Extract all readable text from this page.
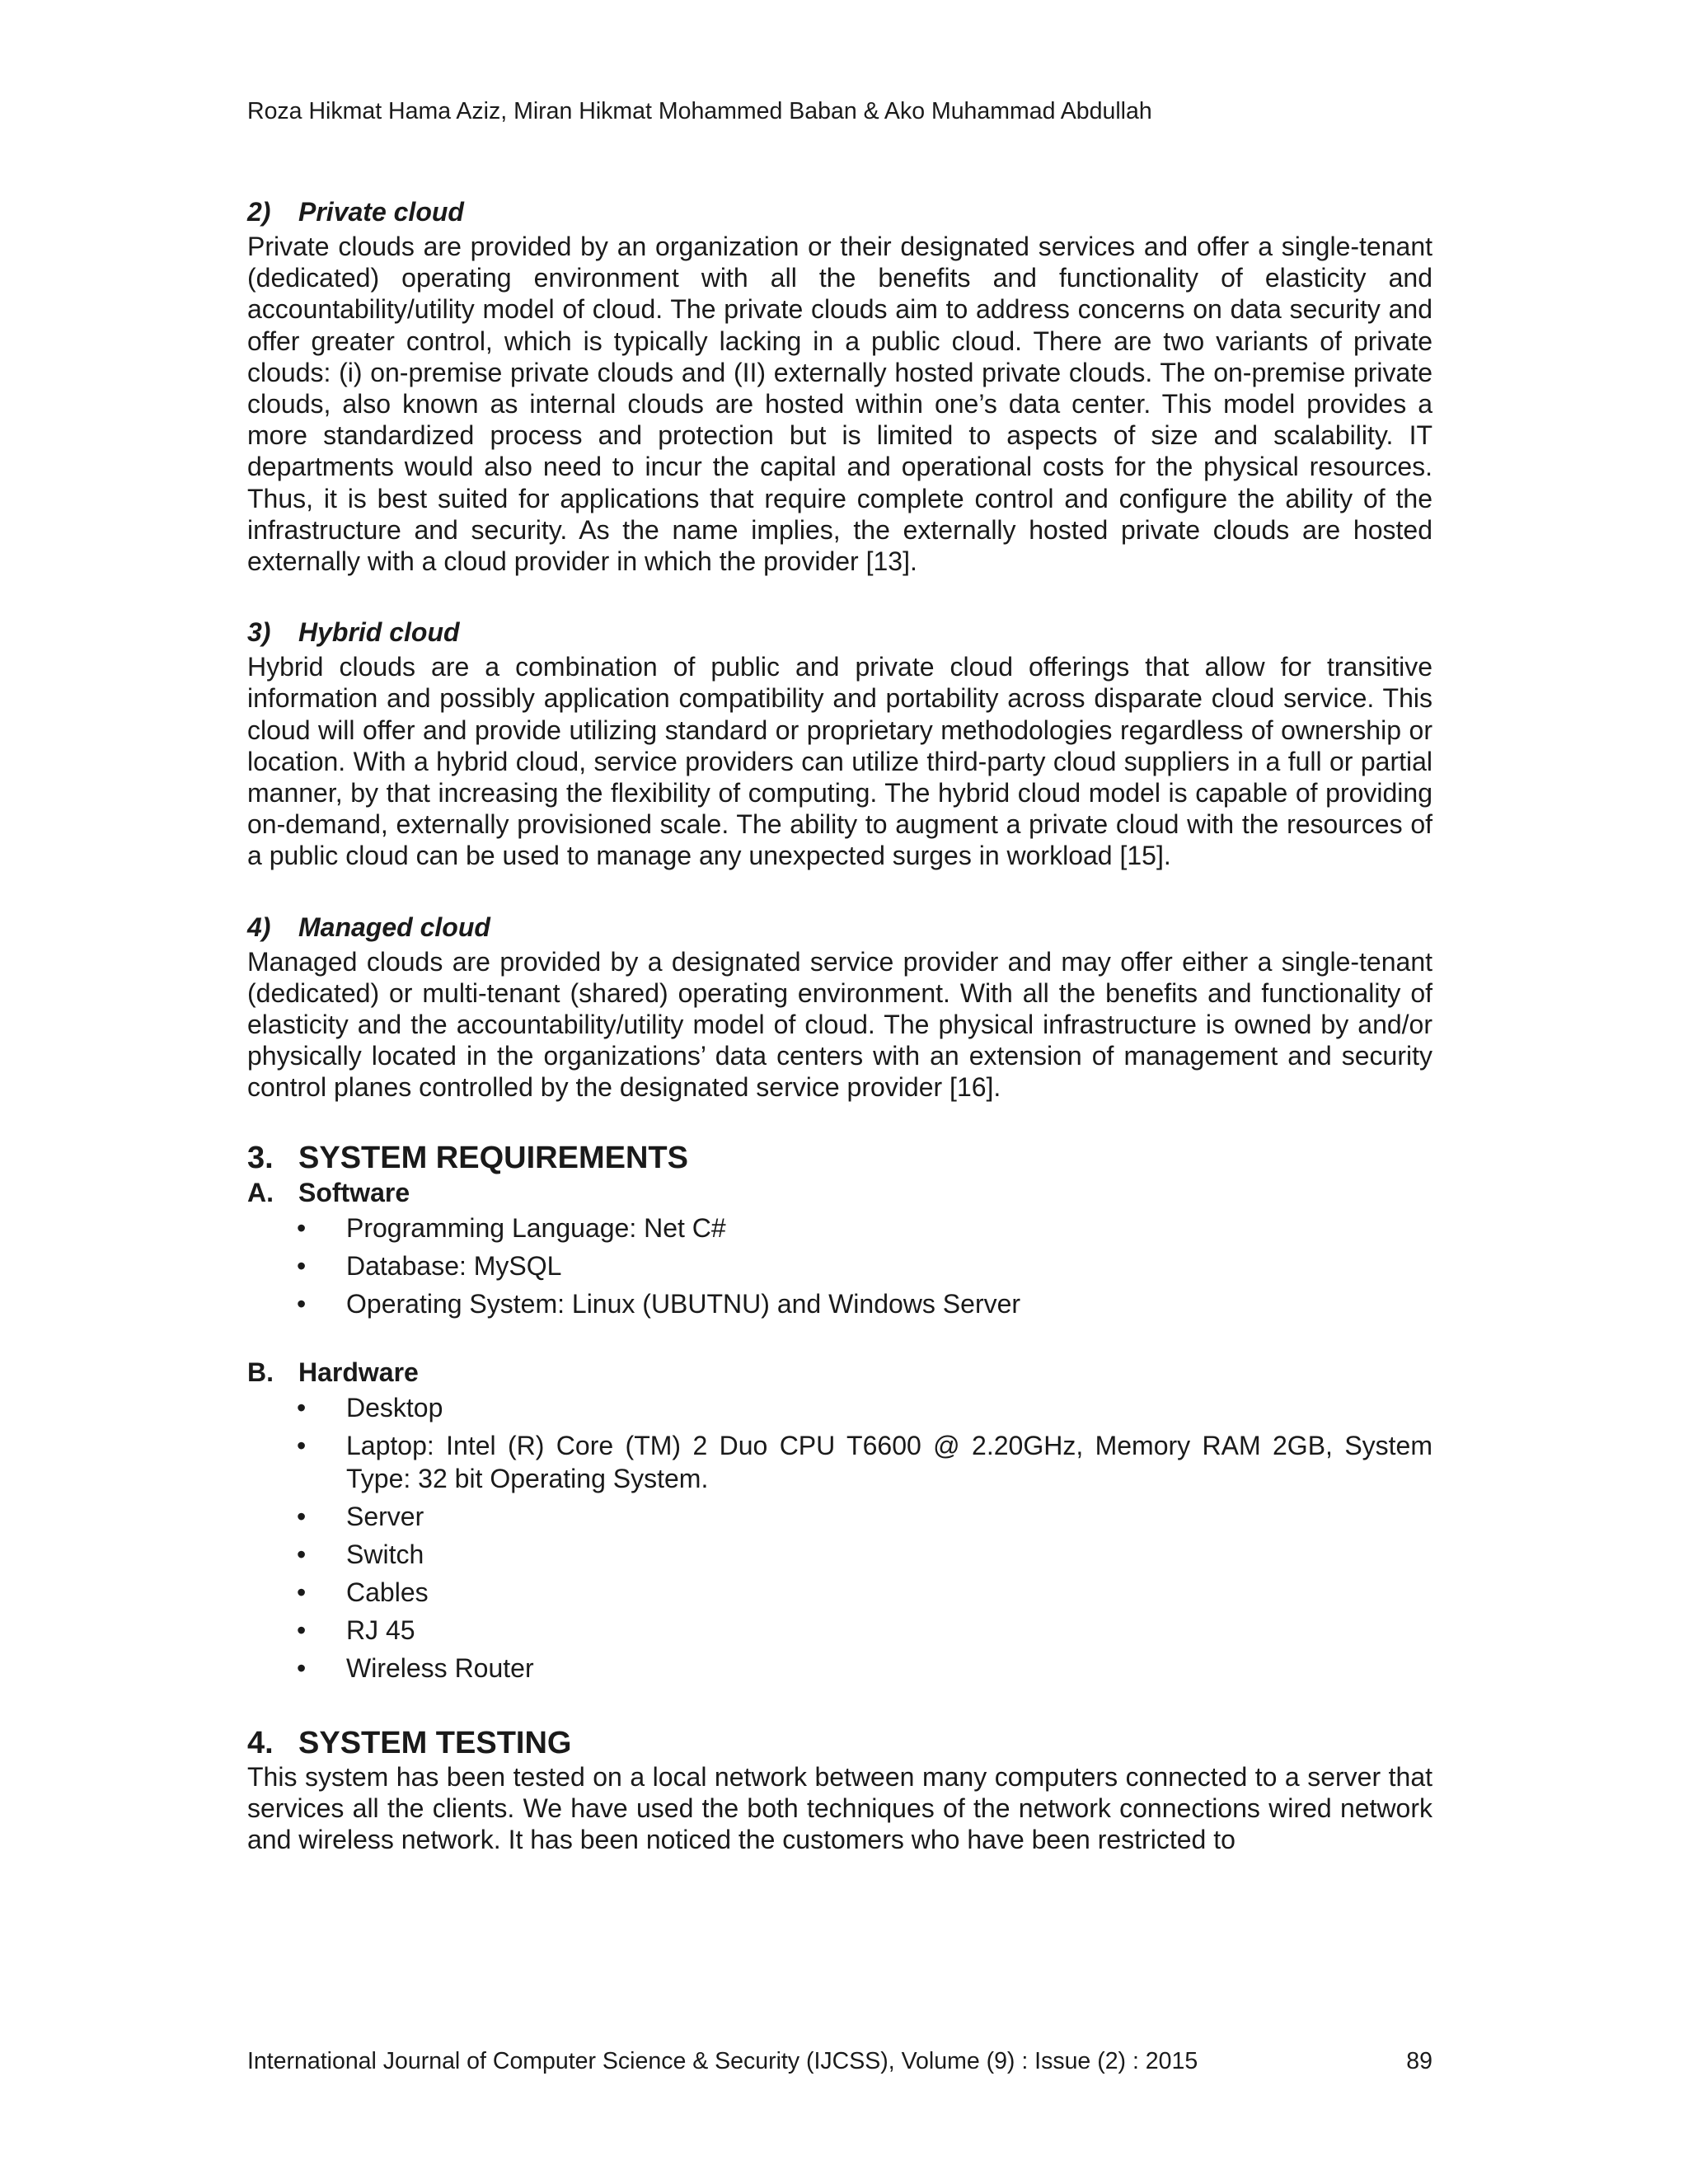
Roza Hikmat Hama Aziz, Miran Hikmat Mohammed Baban & Ako Muhammad Abdullah
2) Private cloud

Private clouds are provided by an organization or their designated services and offer a single-tenant (dedicated) operating environment with all the benefits and functionality of elasticity and accountability/utility model of cloud. The private clouds aim to address concerns on data security and offer greater control, which is typically lacking in a public cloud. There are two variants of private clouds: (i) on-premise private clouds and (II) externally hosted private clouds. The on-premise private clouds, also known as internal clouds are hosted within one’s data center. This model provides a more standardized process and protection but is limited to aspects of size and scalability. IT departments would also need to incur the capital and operational costs for the physical resources. Thus, it is best suited for applications that require complete control and configure the ability of the infrastructure and security. As the name implies, the externally hosted private clouds are hosted externally with a cloud provider in which the provider [13].

3) Hybrid cloud

Hybrid clouds are a combination of public and private cloud offerings that allow for transitive information and possibly application compatibility and portability across disparate cloud service. This cloud will offer and provide utilizing standard or proprietary methodologies regardless of ownership or location. With a hybrid cloud, service providers can utilize third-party cloud suppliers in a full or partial manner, by that increasing the flexibility of computing. The hybrid cloud model is capable of providing on-demand, externally provisioned scale. The ability to augment a private cloud with the resources of a public cloud can be used to manage any unexpected surges in workload [15].

4) Managed cloud

Managed clouds are provided by a designated service provider and may offer either a single-tenant (dedicated) or multi-tenant (shared) operating environment. With all the benefits and functionality of elasticity and the accountability/utility model of cloud. The physical infrastructure is owned by and/or physically located in the organizations’ data centers with an extension of management and security control planes controlled by the designated service provider [16].

3. SYSTEM REQUIREMENTS
A. Software
• Programming Language: Net C#
• Database: MySQL
• Operating System: Linux (UBUTNU) and Windows Server
B. Hardware
• Desktop
• Laptop: Intel (R) Core (TM) 2 Duo CPU T6600 @ 2.20GHz, Memory RAM 2GB, System Type: 32 bit Operating System.
• Server
• Switch
• Cables
• RJ 45
• Wireless Router
4. SYSTEM TESTING

This system has been tested on a local network between many computers connected to a server that services all the clients. We have used the both techniques of the network connections wired network and wireless network. It has been noticed the customers who have been restricted to

International Journal of Computer Science & Security (IJCSS), Volume (9) : Issue (2) : 2015	89
